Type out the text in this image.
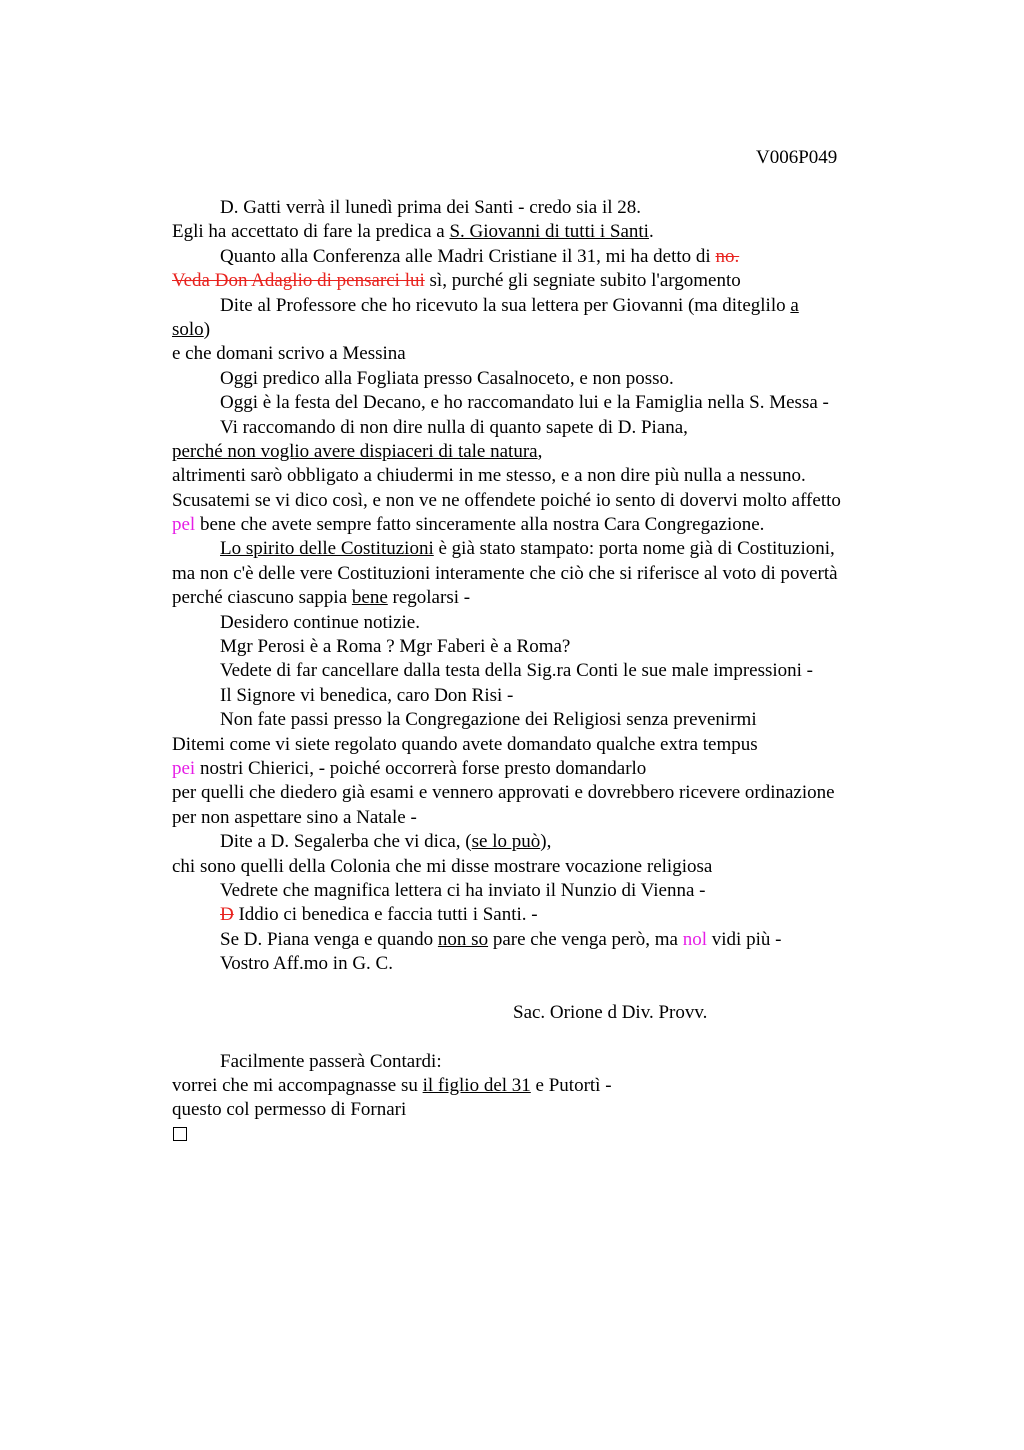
V006P049
D. Gatti verrà il lunedì prima dei Santi - credo sia il 28.
Egli ha accettato di fare la predica a S. Giovanni di tutti i Santi.
Quanto alla Conferenza alle Madri Cristiane il 31, mi ha detto di no.
Veda Don Adaglio di pensarci lui sì, purché gli segniate subito l'argomento
Dite al Professore che ho ricevuto la sua lettera per Giovanni (ma diteglilo a
solo)
e che domani scrivo a Messina
Oggi predico alla Fogliata presso Casalnoceto, e non posso.
Oggi è la festa del Decano, e ho raccomandato lui e la Famiglia nella S. Messa -
Vi raccomando di non dire nulla di quanto sapete di D. Piana,
perché non voglio avere dispiaceri di tale natura,
altrimenti sarò obbligato a chiudermi in me stesso, e a non dire più nulla a nessuno.
Scusatemi se vi dico così, e non ve ne offendete poiché io sento di dovervi molto affetto
pel bene che avete sempre fatto sinceramente alla nostra Cara Congregazione.
Lo spirito delle Costituzioni è già stato stampato: porta nome già di Costituzioni,
ma non c'è delle vere Costituzioni interamente che ciò che si riferisce al voto di povertà
perché ciascuno sappia bene regolarsi -
Desidero continue notizie.
Mgr Perosi è a Roma ? Mgr Faberi è a Roma?
Vedete di far cancellare dalla testa della Sig.ra Conti le sue male impressioni -
Il Signore vi benedica, caro Don Risi -
Non fate passi presso la Congregazione dei Religiosi senza prevenirmi
Ditemi come vi siete regolato quando avete domandato qualche extra tempus
pei nostri Chierici, - poiché occorrerà forse presto domandarlo
per quelli che diedero già esami e vennero approvati e dovrebbero ricevere ordinazione
per non aspettare sino a Natale -
Dite a D. Segalerba che vi dica, (se lo può),
chi sono quelli della Colonia che mi disse mostrare vocazione religiosa
Vedrete che magnifica lettera ci ha inviato il Nunzio di Vienna -
D Iddio ci benedica e faccia tutti i Santi. -
Se D. Piana venga e quando non so pare che venga però, ma nol vidi più -
Vostro Aff.mo in G. C.
Sac. Orione d Div. Provv.
Facilmente passerà Contardi:
vorrei che mi accompagnasse su il figlio del 31 e Putortì -
questo col permesso di Fornari
